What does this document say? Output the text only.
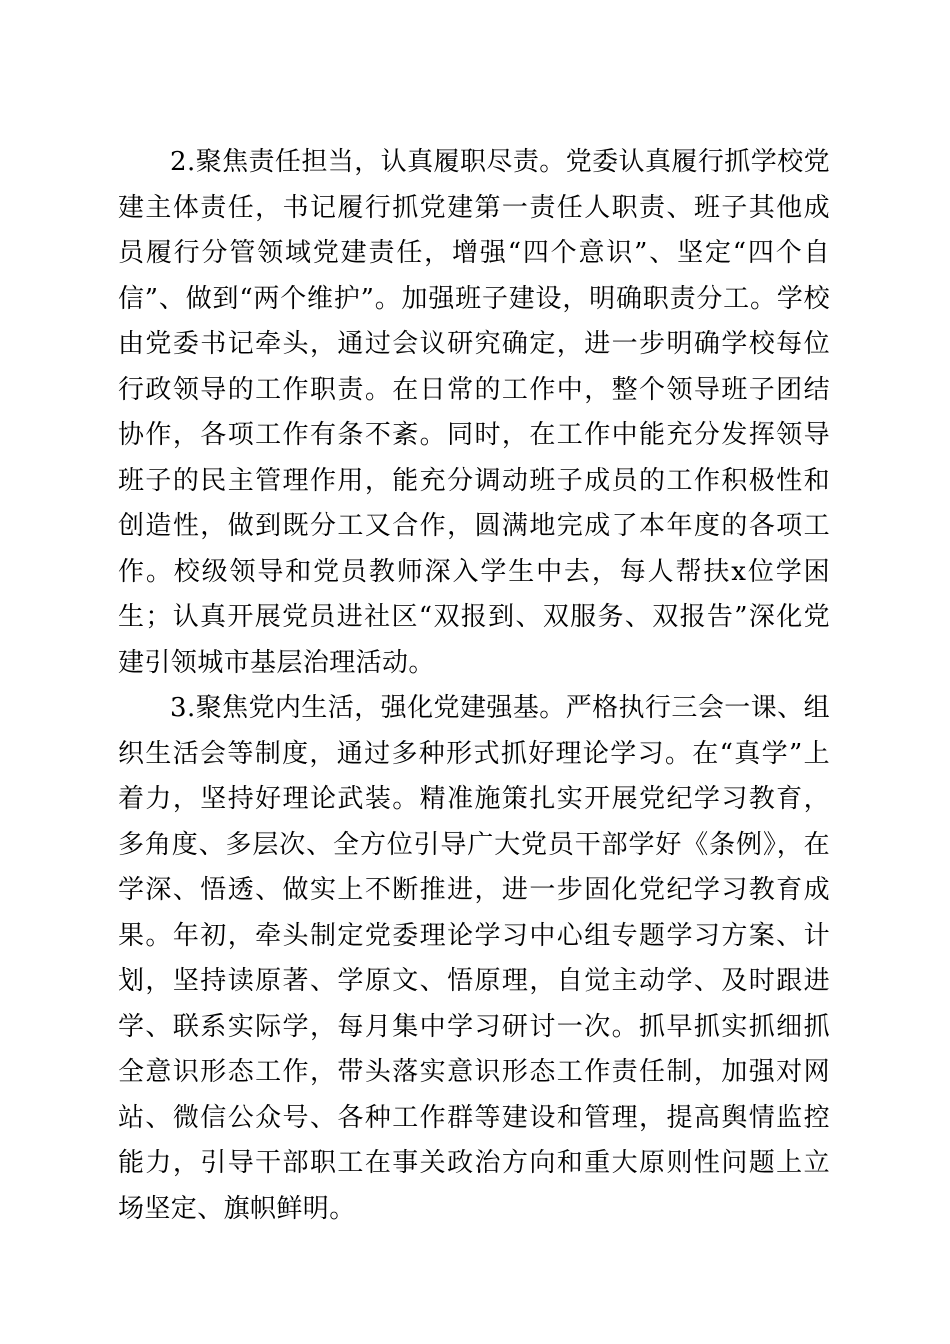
2.聚焦责任担当，认真履职尽责。党委认真履行抓学校党建主体责任，书记履行抓党建第一责任人职责、班子其他成员履行分管领域党建责任，增强“四个意识”、坚定“四个自信”、做到“两个维护”。加强班子建设，明确职责分工。学校由党委书记牵头，通过会议研究确定，进一步明确学校每位行政领导的工作职责。在日常的工作中，整个领导班子团结协作，各项工作有条不紊。同时，在工作中能充分发挥领导班子的民主管理作用，能充分调动班子成员的工作积极性和创造性，做到既分工又合作，圆满地完成了本年度的各项工作。校级领导和党员教师深入学生中去，每人帮扶x位学困生；认真开展党员进社区“双报到、双服务、双报告”深化党建引领城市基层治理活动。

3.聚焦党内生活，强化党建强基。严格执行三会一课、组织生活会等制度，通过多种形式抓好理论学习。在“真学”上着力，坚持好理论武装。精准施策扎实开展党纪学习教育，多角度、多层次、全方位引导广大党员干部学好《条例》，在学深、悟透、做实上不断推进，进一步固化党纪学习教育成果。年初，牵头制定党委理论学习中心组专题学习方案、计划，坚持读原著、学原文、悟原理，自觉主动学、及时跟进学、联系实际学，每月集中学习研讨一次。抓早抓实抓细抓全意识形态工作，带头落实意识形态工作责任制，加强对网站、微信公众号、各种工作群等建设和管理，提高舆情监控能力，引导干部职工在事关政治方向和重大原则性问题上立场坚定、旗帜鲜明。
